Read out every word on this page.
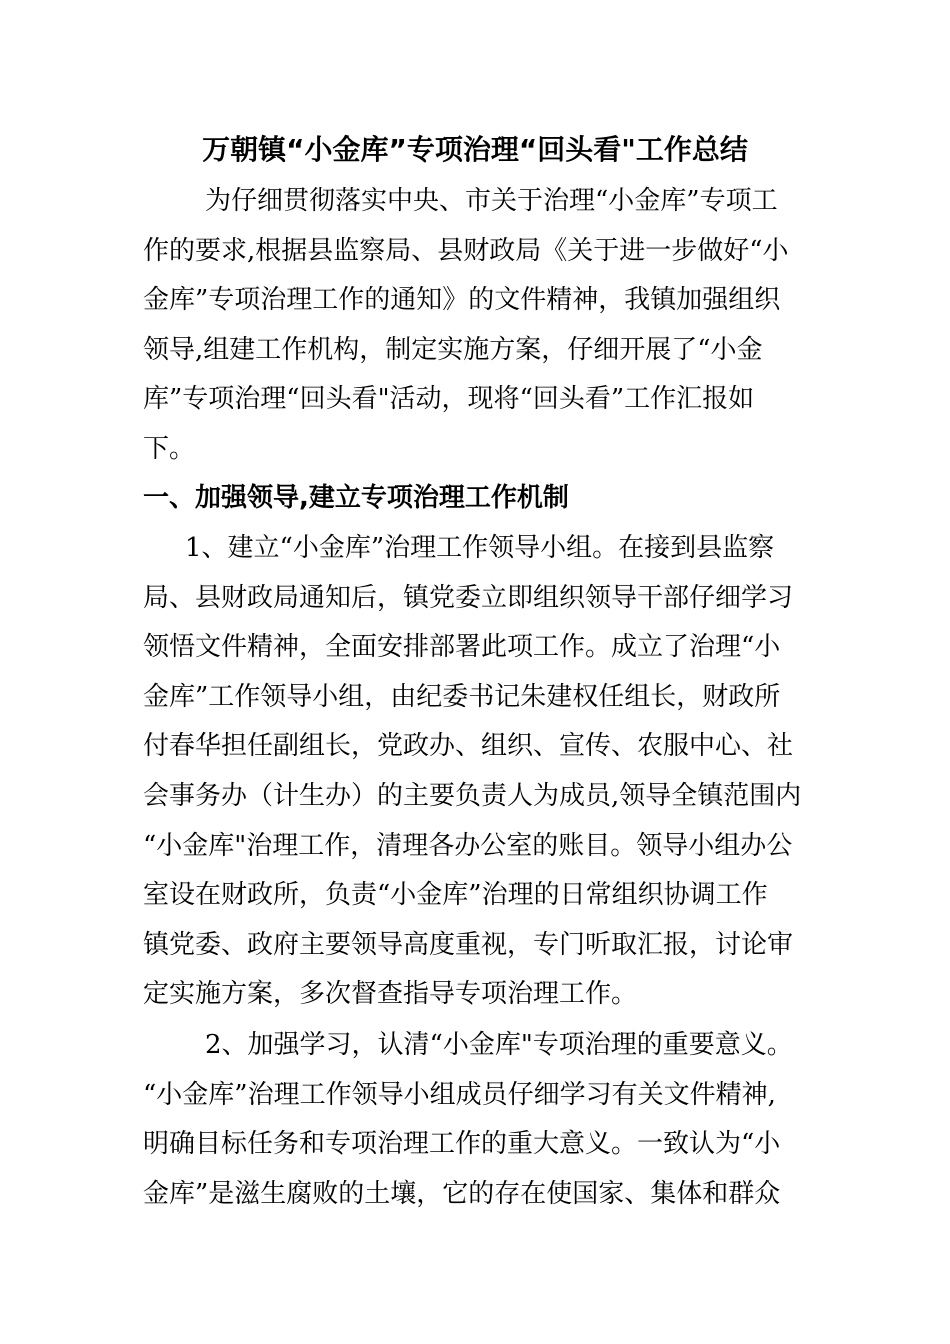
万朝镇“小金库”专项治理“回头看"工作总结
为仔细贯彻落实中央、市关于治理“小金库”专项工
作的要求,根据县监察局、县财政局《关于进一步做好“小
金库”专项治理工作的通知》的文件精神，我镇加强组织
领导,组建工作机构，制定实施方案，仔细开展了“小金
库”专项治理“回头看"活动，现将“回头看”工作汇报如
下。
一、加强领导,建立专项治理工作机制
1、建立“小金库”治理工作领导小组。在接到县监察
局、县财政局通知后，镇党委立即组织领导干部仔细学习
领悟文件精神，全面安排部署此项工作。成立了治理“小
金库”工作领导小组，由纪委书记朱建权任组长，财政所
付春华担任副组长，党政办、组织、宣传、农服中心、社
会事务办（计生办）的主要负责人为成员,领导全镇范围内
“小金库"治理工作，清理各办公室的账目。领导小组办公
室设在财政所，负责“小金库”治理的日常组织协调工作
镇党委、政府主要领导高度重视，专门听取汇报，讨论审
定实施方案，多次督查指导专项治理工作。
2、加强学习，认清“小金库"专项治理的重要意义。
“小金库”治理工作领导小组成员仔细学习有关文件精神,
明确目标任务和专项治理工作的重大意义。一致认为“小
金库”是滋生腐败的土壤，它的存在使国家、集体和群众
